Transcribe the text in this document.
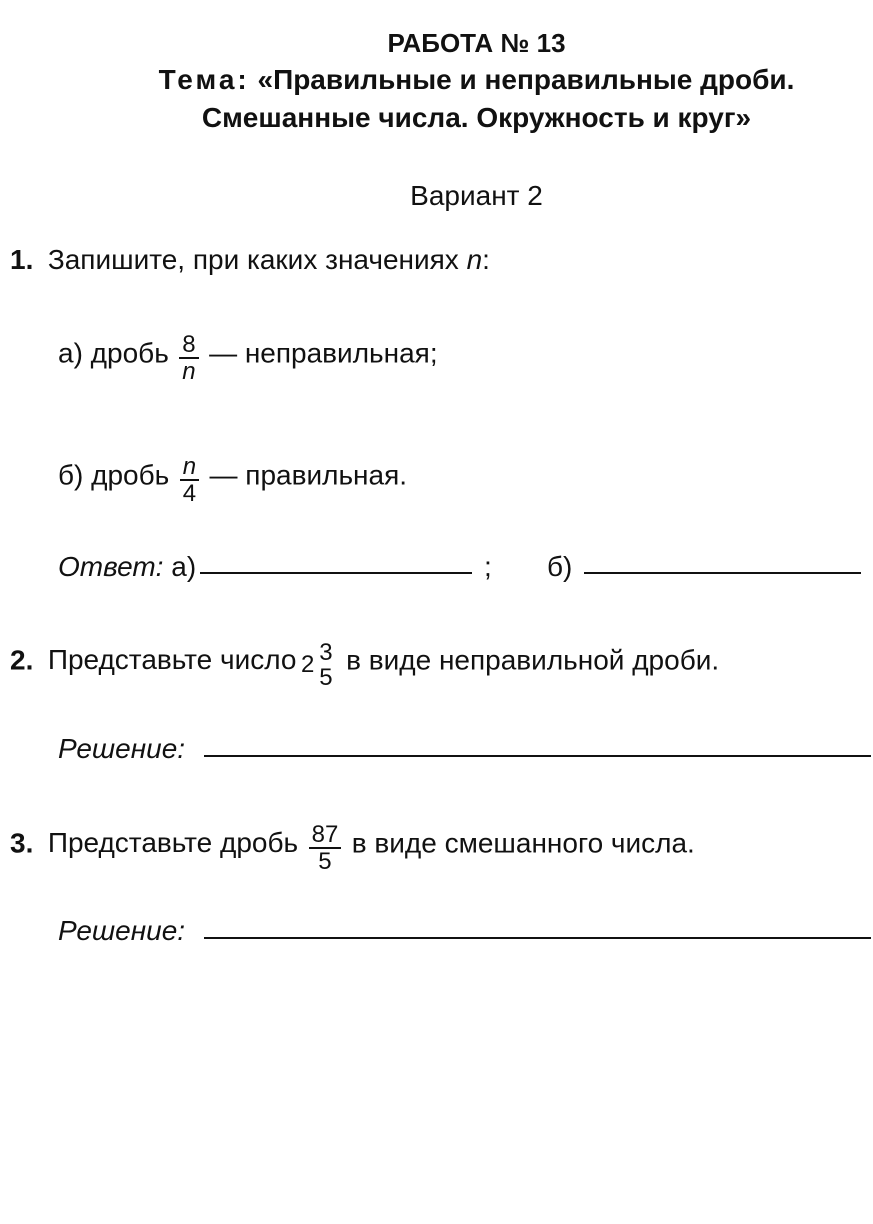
РАБОТА № 13
Тема: «Правильные и неправильные дроби.
Смешанные числа. Окружность и круг»
Вариант 2
1. Запишите, при каких значениях n:
а) дробь $\frac{8}{n}$ — неправильная;
б) дробь $\frac{n}{4}$ — правильная.
Ответ: а)	; б)
2. Представьте число 2 3
5
в виде неправильной дроби.
Решение:
3. Представьте дробь $\frac{87}{5}$ в виде смешанного числа.
Решение:
